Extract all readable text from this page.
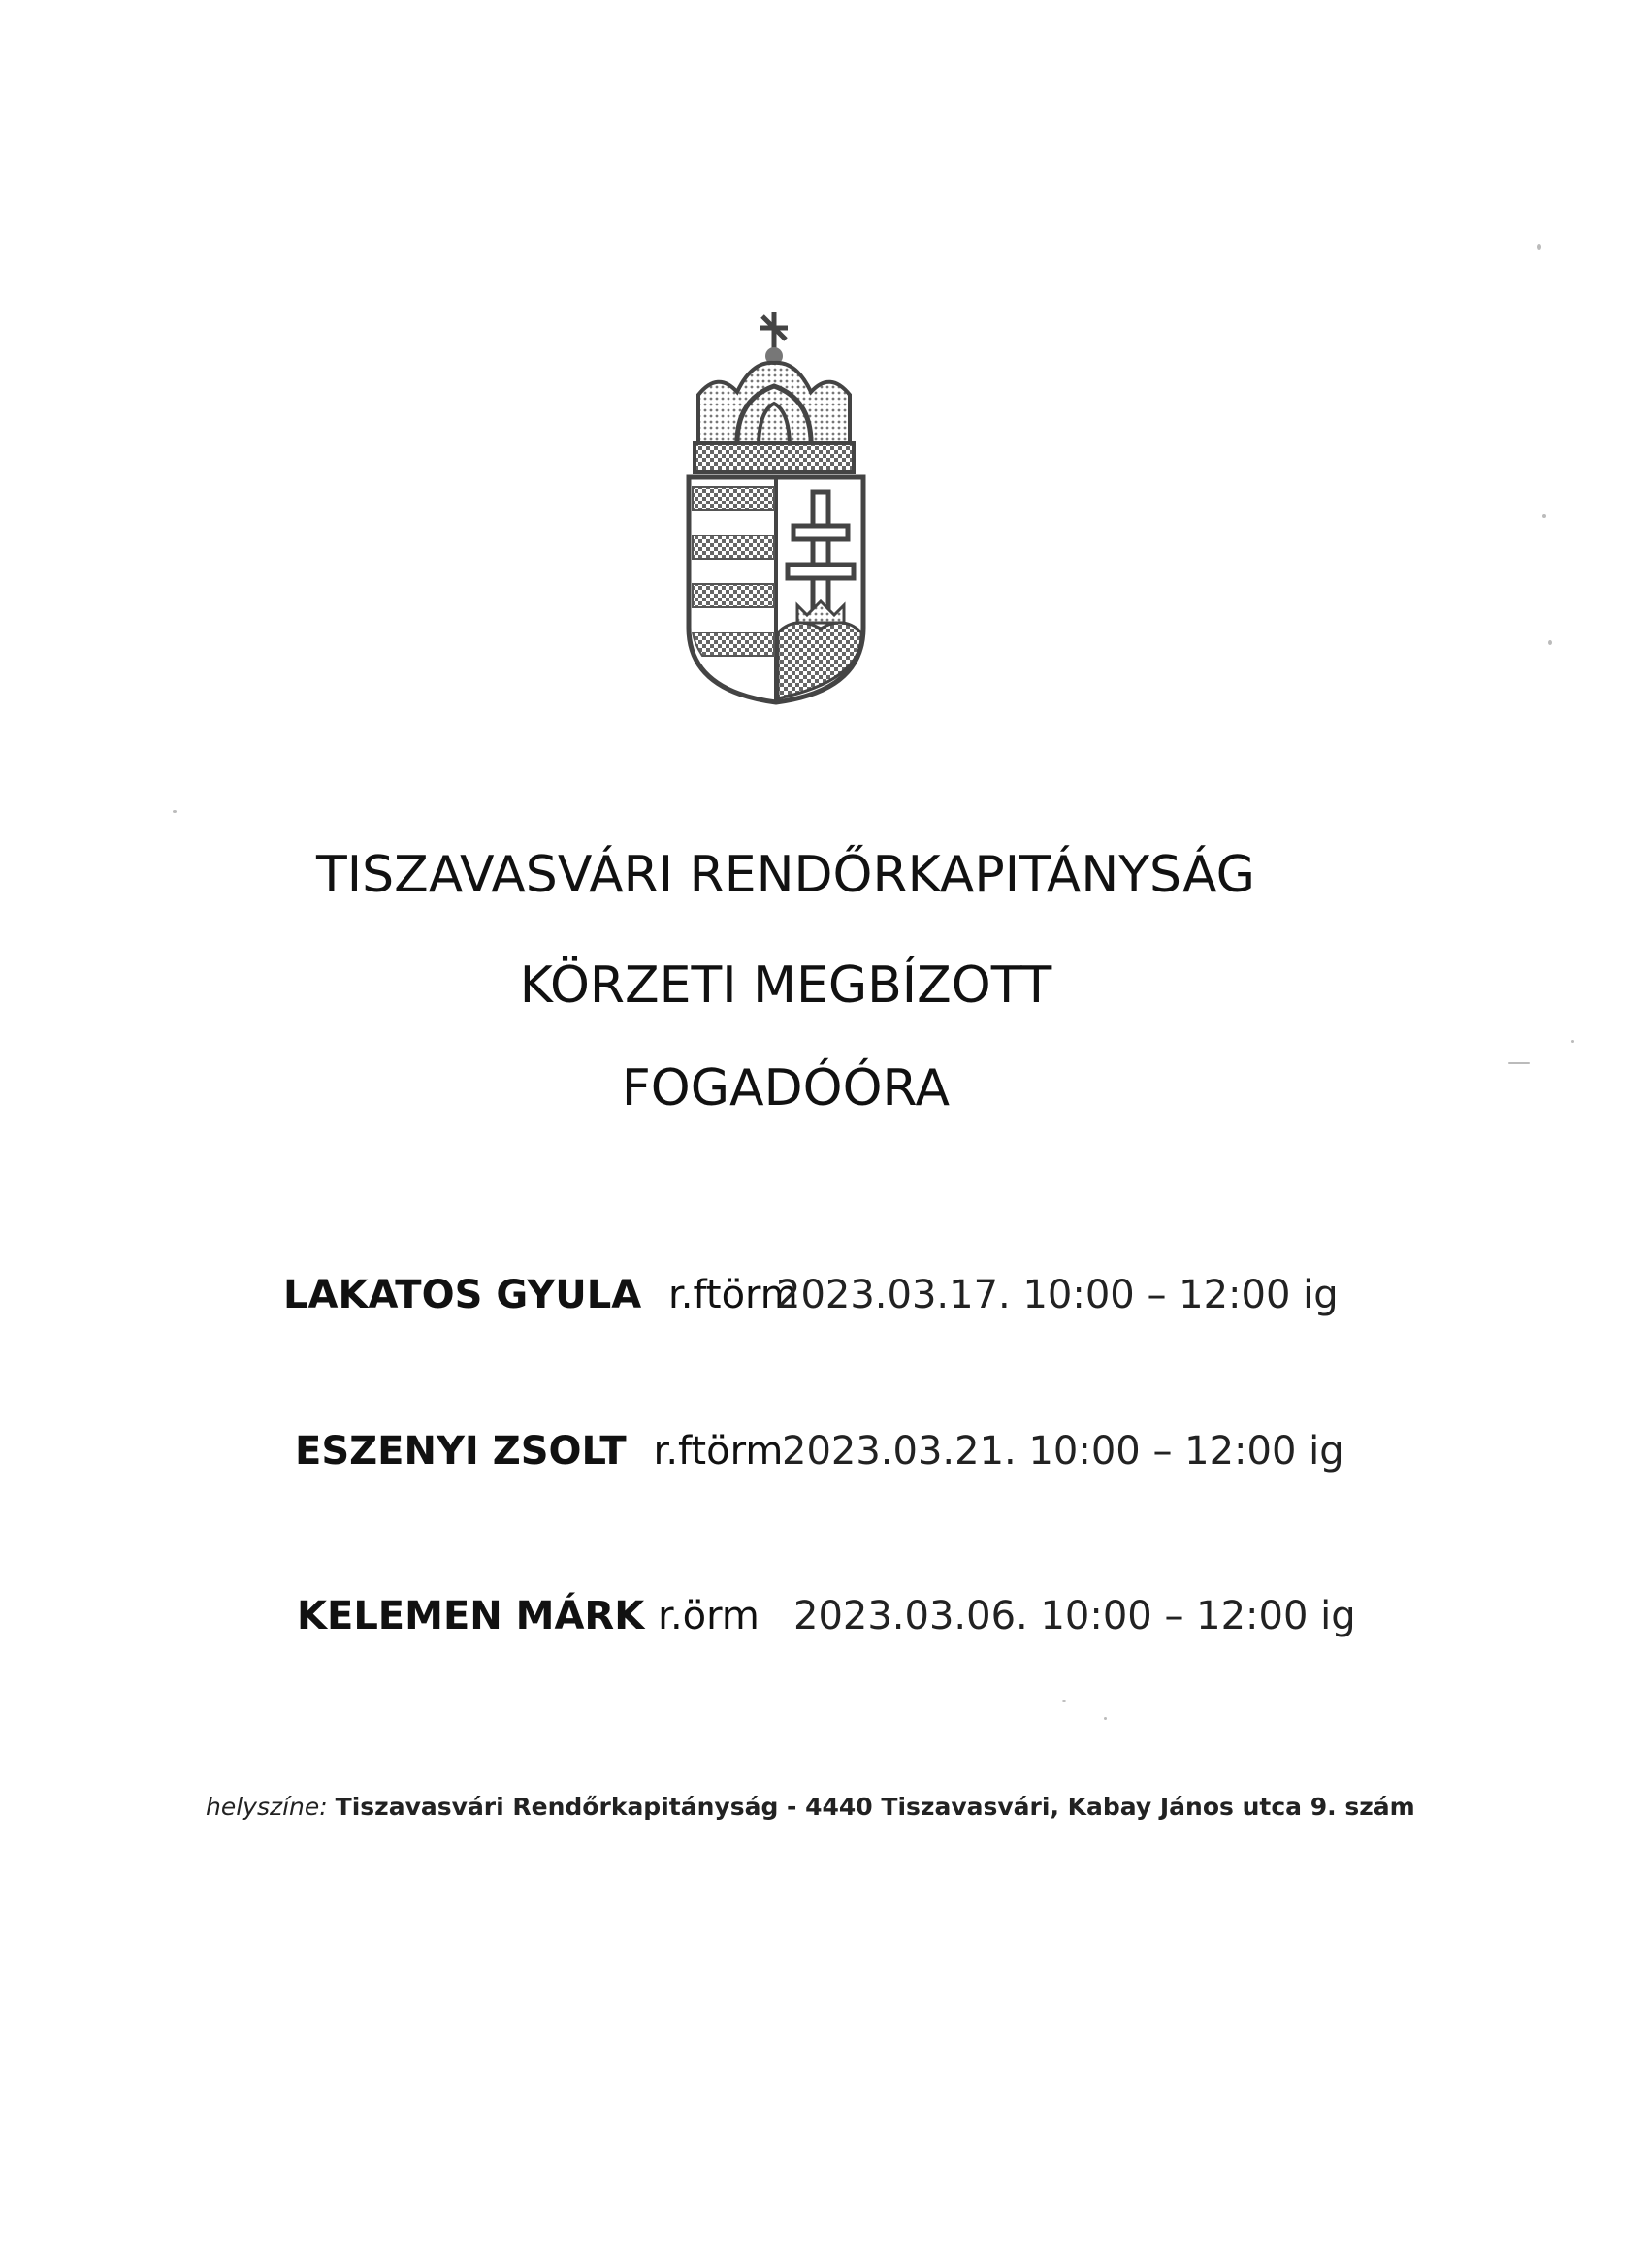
TISZAVASVÁRI RENDŐRKAPITÁNYSÁG
KÖRZETI MEGBÍZOTT
FOGADÓÓRA
LAKATOS GYULA r.ftörm
2023.03.17. 10:00 – 12:00 ig
ESZENYI ZSOLT r.ftörm
2023.03.21. 10:00 – 12:00 ig
KELEMEN MÁRK r.örm 2023.03.06. 10:00 – 12:00 ig
helyszíne: Tiszavasvári Rendőrkapitányság - 4440 Tiszavasvári, Kabay János utca 9. szám
